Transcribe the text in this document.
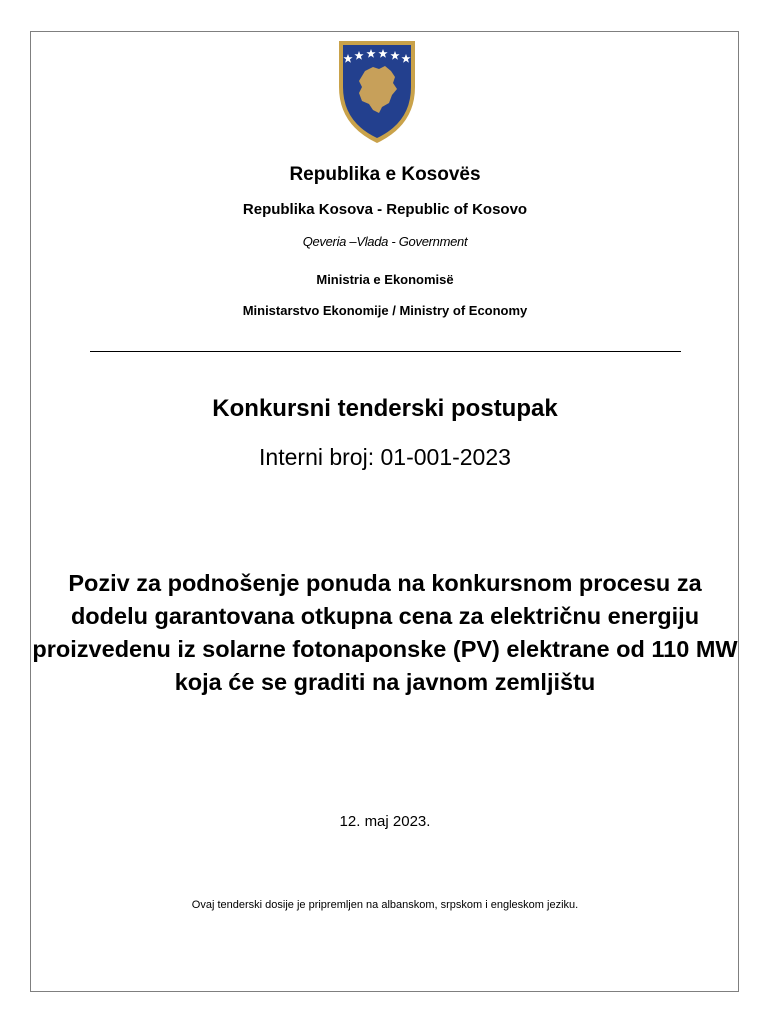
Republika e Kosovës
Republika Kosova - Republic of Kosovo
Qeveria –Vlada - Government
Ministria e Ekonomisë
Ministarstvo Ekonomije / Ministry of Economy
Konkursni tenderski postupak
Interni broj: 01-001-2023
Poziv za podnošenje ponuda na konkursnom procesu za dodelu garantovana otkupna cena za električnu energiju proizvedenu iz solarne fotonaponske (PV) elektrane od 110 MW koja će se graditi na javnom zemljištu
12. maj 2023.
Ovaj tenderski dosije je pripremljen na albanskom, srpskom i engleskom jeziku.
